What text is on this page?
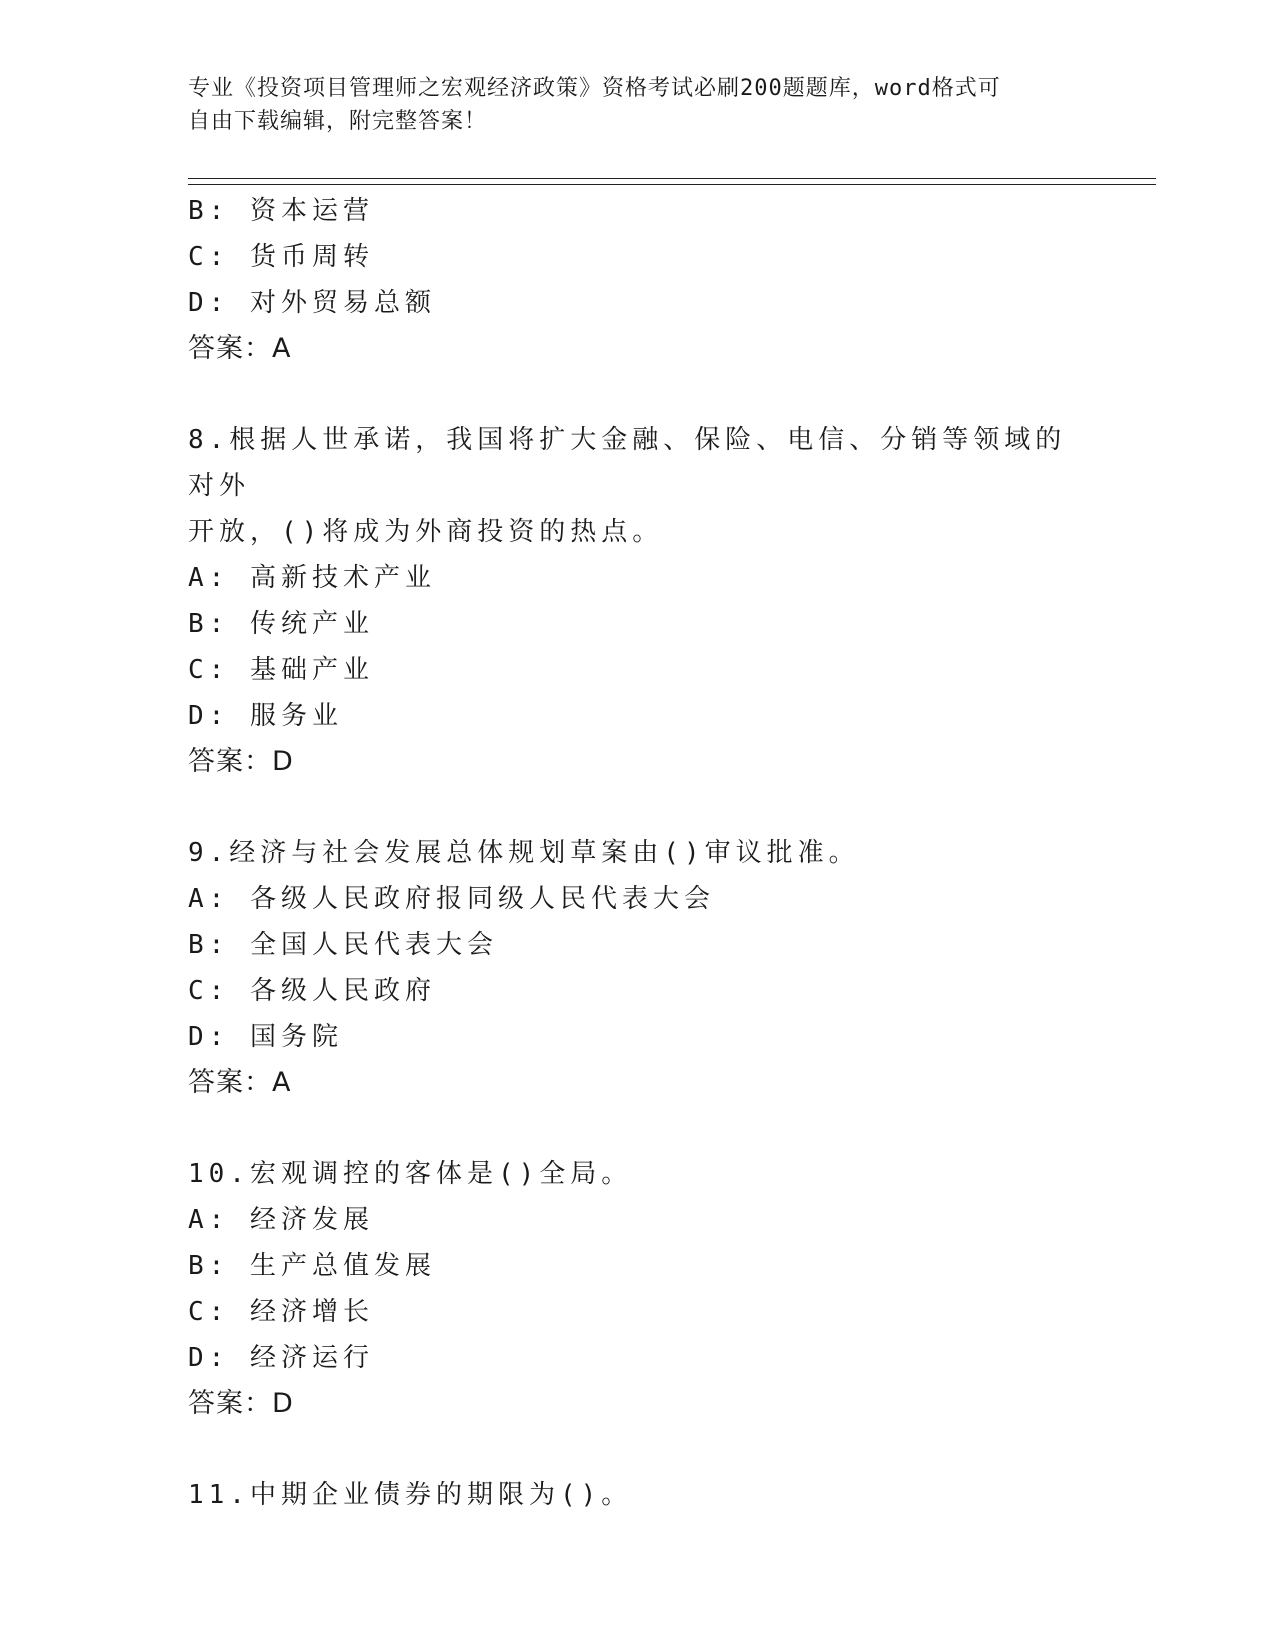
专业《投资项目管理师之宏观经济政策》资格考试必刷200题题库，word格式可
自由下载编辑，附完整答案！
B: 资本运营
C: 货币周转
D: 对外贸易总额
答案：A
8.根据人世承诺，我国将扩大金融、保险、电信、分销等领域的对外
开放，()将成为外商投资的热点。
A: 高新技术产业
B: 传统产业
C: 基础产业
D: 服务业
答案：D
9.经济与社会发展总体规划草案由()审议批准。
A: 各级人民政府报同级人民代表大会
B: 全国人民代表大会
C: 各级人民政府
D: 国务院
答案：A
10.宏观调控的客体是()全局。
A: 经济发展
B: 生产总值发展
C: 经济增长
D: 经济运行
答案：D
11.中期企业债券的期限为()。
